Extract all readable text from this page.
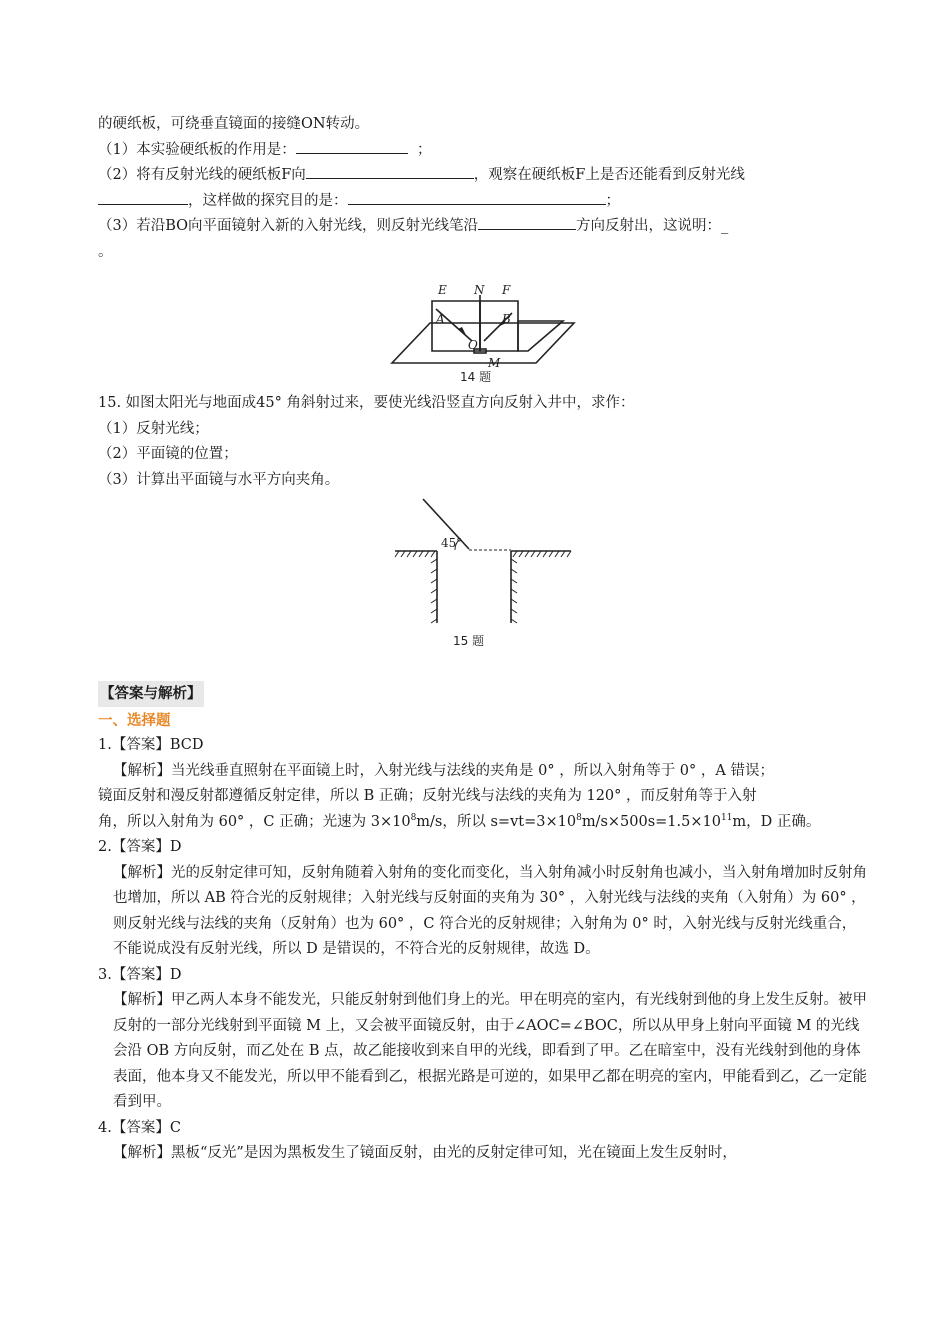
的硬纸板，可绕垂直镜面的接缝ON转动。
（1）本实验硬纸板的作用是：	；
（2）将有反射光线的硬纸板F向	，观察在硬纸板F上是否还能看到反射光线
，这样做的探究目的是：	；
（3）若沿BO向平面镜射入新的入射光线，则反射光线笔沿	方向反射出，这说明：_
。
E N F
A	B
O
M
14 题
15. 如图太阳光与地面成45° 角斜射过来，要使光线沿竖直方向反射入井中，求作：
（1）反射光线；
（2）平面镜的位置；
（3）计算出平面镜与水平方向夹角。
45°
15 题
【答案与解析】
一、选择题
1.【答案】BCD
【解析】当光线垂直照射在平面镜上时，入射光线与法线的夹角是 0° ，所以入射角等于 0° ，A 错误；
镜面反射和漫反射都遵循反射定律，所以 B 正确；反射光线与法线的夹角为 120° ，而反射角等于入射
角，所以入射角为 60° ，C 正确；光速为 $3\times 10^8m/s$，所以 $s=vt=3\times 10^8m/s\times 500s=1.5\times 10^{11}m$，D 正确。
2.【答案】D
【解析】光的反射定律可知，反射角随着入射角的变化而变化，当入射角减小时反射角也减小，当入射角增加时反射角也增加，所以 AB 符合光的反射规律；入射光线与反射面的夹角为 30° ，入射光线与法线的夹角（入射角）为 60° ，则反射光线与法线的夹角（反射角）也为 60° ，C 符合光的反射规律；入射角为 0° 时，入射光线与反射光线重合，不能说成没有反射光线，所以 D 是错误的，不符合光的反射规律，故选 D。
3.【答案】D
【解析】甲乙两人本身不能发光，只能反射射到他们身上的光。甲在明亮的室内，有光线射到他的身上发生反射。被甲反射的一部分光线射到平面镜 M 上，又会被平面镜反射，由于∠AOC=∠BOC，所以从甲身上射向平面镜 M 的光线会沿 OB 方向反射，而乙处在 B 点，故乙能接收到来自甲的光线，即看到了甲。乙在暗室中，没有光线射到他的身体表面，他本身又不能发光，所以甲不能看到乙，根据光路是可逆的，如果甲乙都在明亮的室内，甲能看到乙，乙一定能看到甲。
4.【答案】C
【解析】黑板“反光”是因为黑板发生了镜面反射，由光的反射定律可知，光在镜面上发生反射时，
